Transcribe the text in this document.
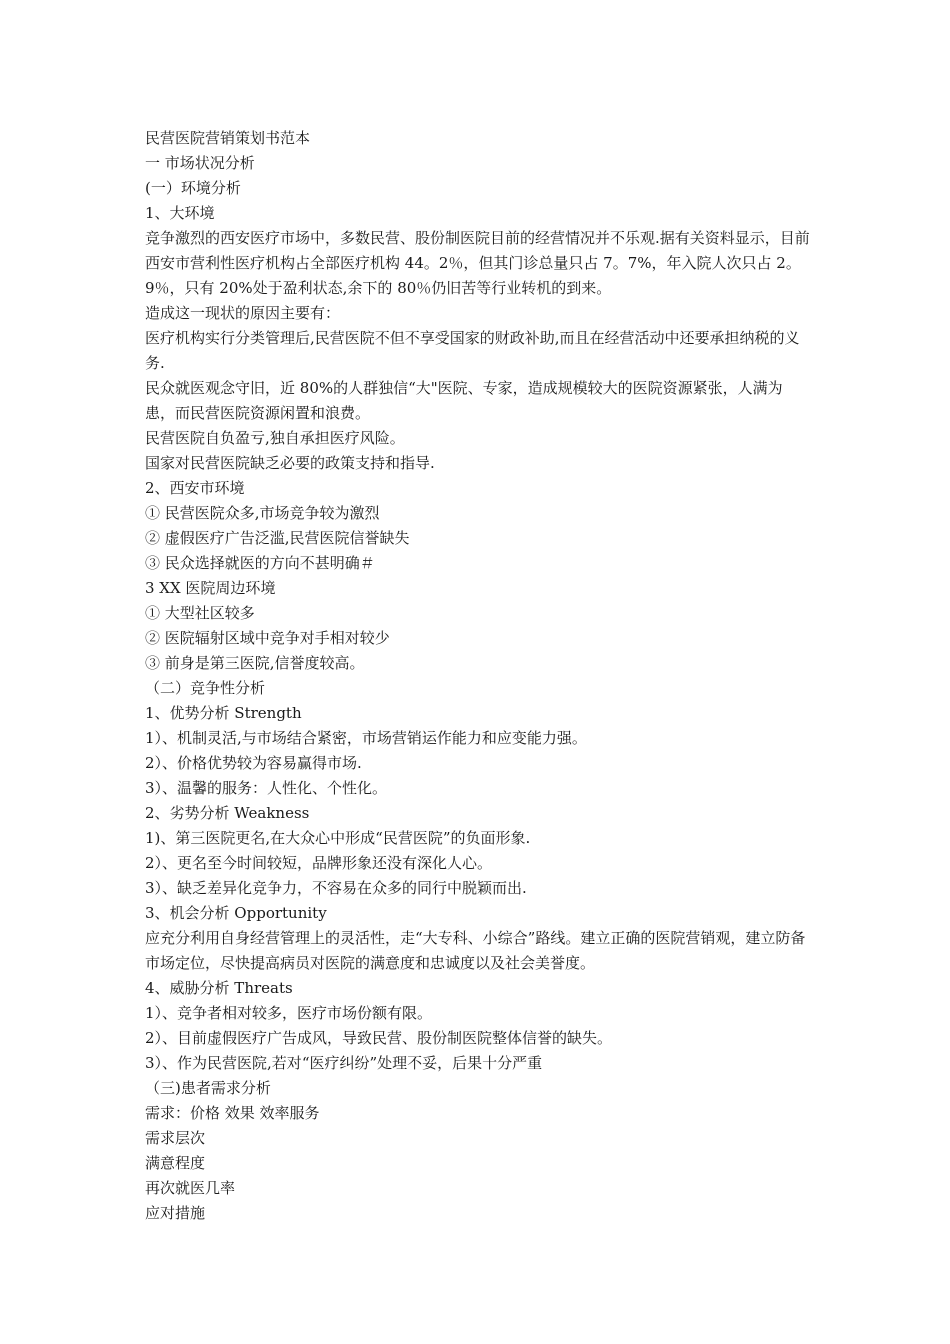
民营医院营销策划书范本
一 市场状况分析
(一）环境分析
1、大环境
竞争激烈的西安医疗市场中，多数民营、股份制医院目前的经营情况并不乐观.据有关资料显示，目前西安市营利性医疗机构占全部医疗机构 44。2％，但其门诊总量只占 7。7%，年入院人次只占 2。9％，只有 20%处于盈利状态,余下的 80％仍旧苦等行业转机的到来。
造成这一现状的原因主要有：
医疗机构实行分类管理后,民营医院不但不享受国家的财政补助,而且在经营活动中还要承担纳税的义务.
民众就医观念守旧，近 80%的人群独信“大"医院、专家，造成规模较大的医院资源紧张，人满为患，而民营医院资源闲置和浪费。
民营医院自负盈亏,独自承担医疗风险。
国家对民营医院缺乏必要的政策支持和指导.
2、西安市环境
① 民营医院众多,市场竞争较为激烈
② 虚假医疗广告泛滥,民营医院信誉缺失
③ 民众选择就医的方向不甚明确＃
3 XX 医院周边环境
① 大型社区较多
② 医院辐射区域中竞争对手相对较少
③ 前身是第三医院,信誉度较高。
（二）竞争性分析
1、优势分析 Strength
1）、机制灵活,与市场结合紧密，市场营销运作能力和应变能力强。
2）、价格优势较为容易赢得市场.
3）、温馨的服务：人性化、个性化。
2、劣势分析 Weakness
1)、第三医院更名,在大众心中形成“民营医院”的负面形象.
2）、更名至今时间较短，品牌形象还没有深化人心。
3）、缺乏差异化竞争力，不容易在众多的同行中脱颖而出.
3、机会分析 Opportunity
应充分利用自身经营管理上的灵活性，走“大专科、小综合”路线。建立正确的医院营销观，建立防备市场定位，尽快提高病员对医院的满意度和忠诚度以及社会美誉度。
4、威胁分析 Threats
1）、竞争者相对较多，医疗市场份额有限。
2）、目前虚假医疗广告成风，导致民营、股份制医院整体信誉的缺失。
3）、作为民营医院,若对“医疗纠纷”处理不妥，后果十分严重
（三)患者需求分析
需求：价格 效果 效率服务
需求层次
满意程度
再次就医几率
应对措施
